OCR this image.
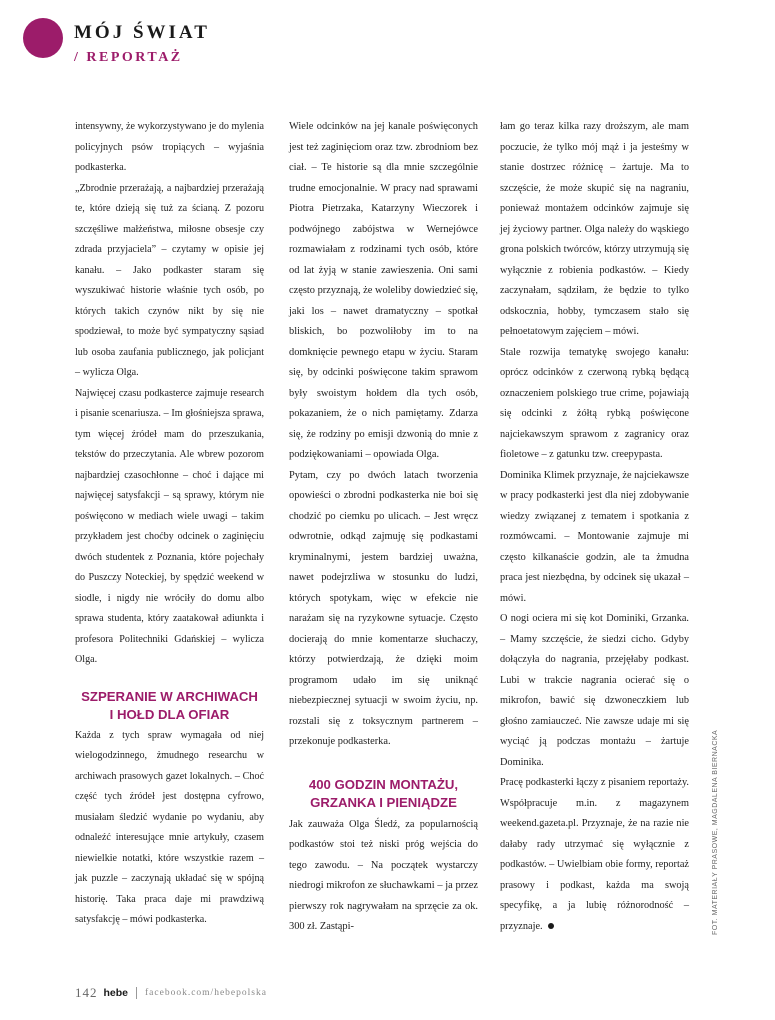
MÓJ ŚWIAT
/ REPORTAŻ

intensywny, że wykorzystywano je do mylenia policyjnych psów tropiących – wyjaśnia podkasterka.

„Zbrodnie przerażają, a najbardziej przerażają te, które dzieją się tuż za ścianą. Z pozoru szczęśliwe małżeństwa, miłosne obsesje czy zdrada przyjaciela” – czytamy w opisie jej kanału. – Jako podkaster staram się wyszukiwać historie właśnie tych osób, po których takich czynów nikt by się nie spodziewał, to może być sympatyczny sąsiad lub osoba zaufania publicznego, jak policjant – wylicza Olga.

Najwięcej czasu podkasterce zajmuje research i pisanie scenariusza. – Im głośniejsza sprawa, tym więcej źródeł mam do przeszukania, tekstów do przeczytania. Ale wbrew pozorom najbardziej czasochłonne – choć i dające mi najwięcej satysfakcji – są sprawy, którym nie poświęcono w mediach wiele uwagi – takim przykładem jest choćby odcinek o zaginięciu dwóch studentek z Poznania, które pojechały do Puszczy Noteckiej, by spędzić weekend w siodle, i nigdy nie wróciły do domu albo sprawa studenta, który zaatakował adiunkta i profesora Politechniki Gdańskiej – wylicza Olga.

SZPERANIE W ARCHIWACH
I HOŁD DLA OFIAR

Każda z tych spraw wymagała od niej wielogodzinnego, żmudnego researchu w archiwach prasowych gazet lokalnych. – Choć część tych źródeł jest dostępna cyfrowo, musiałam śledzić wydanie po wydaniu, aby odnaleźć interesujące mnie artykuły, czasem niewielkie notatki, które wszystkie razem – jak puzzle – zaczynają układać się w spójną historię. Taka praca daje mi prawdziwą satysfakcję – mówi podkasterka.

Wiele odcinków na jej kanale poświęconych jest też zaginięciom oraz tzw. zbrodniom bez ciał. – Te historie są dla mnie szczególnie trudne emocjonalnie. W pracy nad sprawami Piotra Pietrzaka, Katarzyny Wieczorek i podwójnego zabójstwa w Wernejówce rozmawiałam z rodzinami tych osób, które od lat żyją w stanie zawieszenia. Oni sami często przyznają, że woleliby dowiedzieć się, jaki los – nawet dramatyczny – spotkał bliskich, bo pozwoliłoby im to na domknięcie pewnego etapu w życiu. Staram się, by odcinki poświęcone takim sprawom były swoistym hołdem dla tych osób, pokazaniem, że o nich pamiętamy. Zdarza się, że rodziny po emisji dzwonią do mnie z podziękowaniami – opowiada Olga.

Pytam, czy po dwóch latach tworzenia opowieści o zbrodni podkasterka nie boi się chodzić po ciemku po ulicach. – Jest wręcz odwrotnie, odkąd zajmuję się podkastami kryminalnymi, jestem bardziej uważna, nawet podejrzliwa w stosunku do ludzi, których spotykam, więc w efekcie nie narażam się na ryzykowne sytuacje. Często docierają do mnie komentarze słuchaczy, którzy potwierdzają, że dzięki moim programom udało im się uniknąć niebezpiecznej sytuacji w swoim życiu, np. rozstali się z toksycznym partnerem – przekonuje podkasterka.

400 GODZIN MONTAŻU,
GRZANKA I PIENIĄDZE

Jak zauważa Olga Śledź, za popularnością podkastów stoi też niski próg wejścia do tego zawodu. – Na początek wystarczy niedrogi mikrofon ze słuchawkami – ja przez pierwszy rok nagrywałam na sprzęcie za ok. 300 zł. Zastąpi-

łam go teraz kilka razy droższym, ale mam poczucie, że tylko mój mąż i ja jesteśmy w stanie dostrzec różnicę – żartuje. Ma to szczęście, że może skupić się na nagraniu, ponieważ montażem odcinków zajmuje się jej życiowy partner. Olga należy do wąskiego grona polskich twórców, którzy utrzymują się wyłącznie z robienia podkastów. – Kiedy zaczynałam, sądziłam, że będzie to tylko odskocznia, hobby, tymczasem stało się pełnoetatowym zajęciem – mówi.

Stale rozwija tematykę swojego kanału: oprócz odcinków z czerwoną rybką będącą oznaczeniem polskiego true crime, pojawiają się odcinki z żółtą rybką poświęcone najciekawszym sprawom z zagranicy oraz fioletowe – z gatunku tzw. creepypasta.

Dominika Klimek przyznaje, że najciekawsze w pracy podkasterki jest dla niej zdobywanie wiedzy związanej z tematem i spotkania z rozmówcami. – Montowanie zajmuje mi często kilkanaście godzin, ale ta żmudna praca jest niezbędna, by odcinek się ukazał – mówi.

O nogi ociera mi się kot Dominiki, Grzanka. – Mamy szczęście, że siedzi cicho. Gdyby dołączyła do nagrania, przejęłaby podkast. Lubi w trakcie nagrania ocierać się o mikrofon, bawić się dzwoneczkiem lub głośno zamiauczeć. Nie zawsze udaje mi się wyciąć ją podczas montażu – żartuje Dominika.

Pracę podkasterki łączy z pisaniem reportaży. Współpracuje m.in. z magazynem weekend.gazeta.pl. Przyznaje, że na razie nie dałaby rady utrzymać się wyłącznie z podkastów. – Uwielbiam obie formy, reportaż prasowy i podkast, każda ma swoją specyfikę, a ja lubię różnorodność – przyznaje.	FOT. MATERIAŁY PRASOWE, MAGDALENA BIERNACKA
142 hebe facebook.com/hebepolska
